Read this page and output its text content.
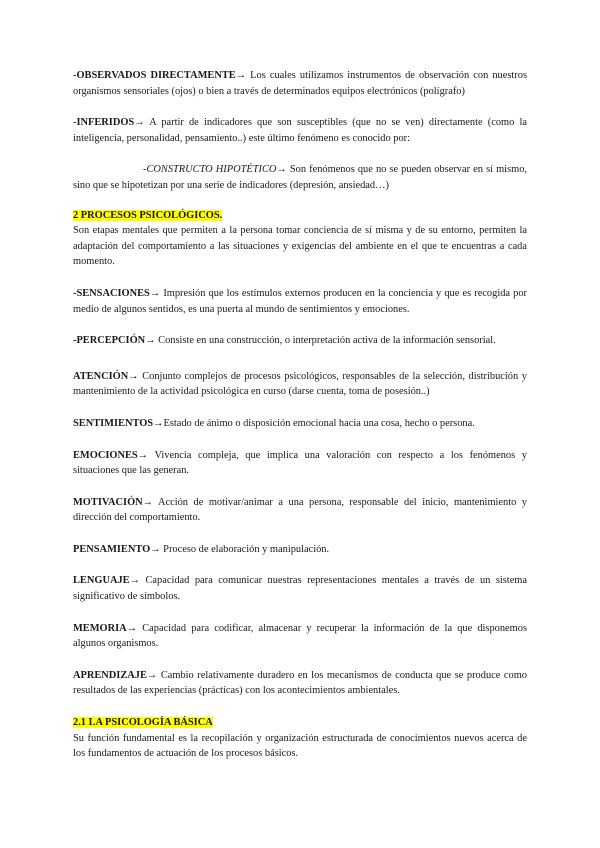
-OBSERVADOS DIRECTAMENTE→ Los cuales utilizamos instrumentos de observación con nuestros organismos sensoriales (ojos) o bien a través de determinados equipos electrónicos (polígrafo)

-INFERIDOS→ A partir de indicadores que son susceptibles (que no se ven) directamente (como la inteligencia, personalidad, pensamiento..) este último fenómeno es conocido por:

-CONSTRUCTO HIPOTÉTICO→ Son fenómenos que no se pueden observar en sí mismo, sino que se hipotetizan por una serie de indicadores (depresión, ansiedad…)

2 PROCESOS PSICOLÓGICOS.

Son etapas mentales que permiten a la persona tomar conciencia de sí misma y de su entorno, permiten la adaptación del comportamiento a las situaciones y exigencias del ambiente en el que te encuentras a cada momento.

-SENSACIONES→ Impresión que los estímulos externos producen en la conciencia y que es recogida por medio de algunos sentidos, es una puerta al mundo de sentimientos y emociones.

-PERCEPCIÓN→ Consiste en una construcción, o interpretación activa de la información sensorial.

ATENCIÓN→ Conjunto complejos de procesos psicológicos, responsables de la selección, distribución y mantenimiento de la actividad psicológica en curso (darse cuenta, toma de posesión..)

SENTIMIENTOS→Estado de ánimo o disposición emocional hacia una cosa, hecho o persona.

EMOCIONES→ Vivencia compleja, que implica una valoración con respecto a los fenómenos y situaciones que las generan.

MOTIVACIÓN→ Acción de motivar/animar a una persona, responsable del inicio, mantenimiento y dirección del comportamiento.

PENSAMIENTO→ Proceso de elaboración y manipulación.

LENGUAJE→ Capacidad para comunicar nuestras representaciones mentales a través de un sistema significativo de símbolos.

MEMORIA→ Capacidad para codificar, almacenar y recuperar la información de la que disponemos algunos organismos.

APRENDIZAJE→ Cambio relativamente duradero en los mecanismos de conducta que se produce como resultados de las experiencias (prácticas) con los acontecimientos ambientales.

2.1 LA PSICOLOGÍA BÁSICA

Su función fundamental es la recopilación y organización estructurada de conocimientos nuevos acerca de los fundamentos de actuación de los procesos básicos.
